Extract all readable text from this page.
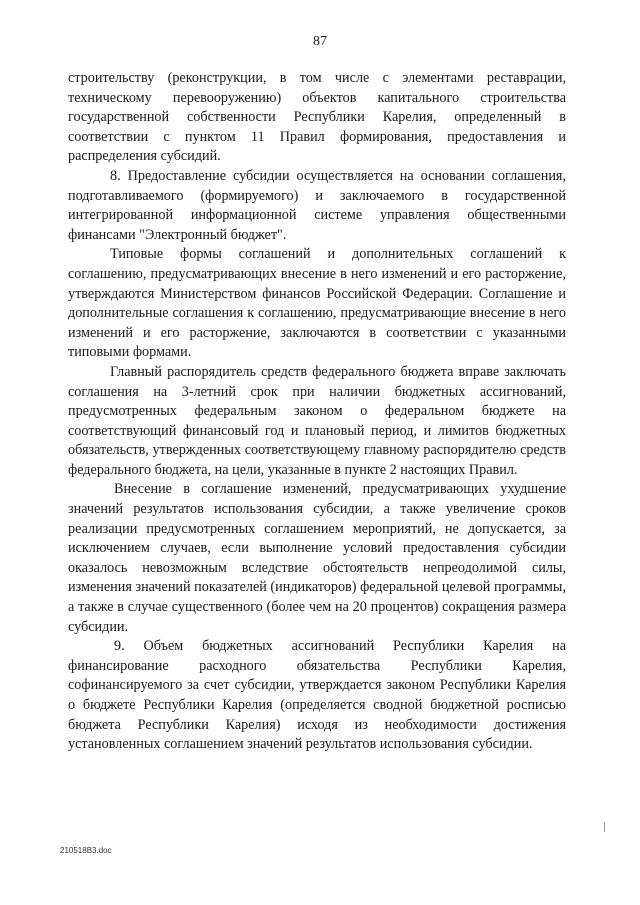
87

строительству (реконструкции, в том числе с элементами реставрации, техническому перевооружению) объектов капитального строительства государственной собственности Республики Карелия, определенный в соответствии с пунктом 11 Правил формирования, предоставления и распределения субсидий.

8. Предоставление субсидии осуществляется на основании соглашения, подготавливаемого (формируемого) и заключаемого в государственной интегрированной информационной системе управления общественными финансами "Электронный бюджет".

Типовые формы соглашений и дополнительных соглашений к соглашению, предусматривающих внесение в него изменений и его расторжение, утверждаются Министерством финансов Российской Федерации. Соглашение и дополнительные соглашения к соглашению, предусматривающие внесение в него изменений и его расторжение, заключаются в соответствии с указанными типовыми формами.

Главный распорядитель средств федерального бюджета вправе заключать соглашения на 3-летний срок при наличии бюджетных ассигнований, предусмотренных федеральным законом о федеральном бюджете на соответствующий финансовый год и плановый период, и лимитов бюджетных обязательств, утвержденных соответствующему главному распорядителю средств федерального бюджета, на цели, указанные в пункте 2 настоящих Правил.

Внесение в соглашение изменений, предусматривающих ухудшение значений результатов использования субсидии, а также увеличение сроков реализации предусмотренных соглашением мероприятий, не допускается, за исключением случаев, если выполнение условий предоставления субсидии оказалось невозможным вследствие обстоятельств непреодолимой силы, изменения значений показателей (индикаторов) федеральной целевой программы, а также в случае существенного (более чем на 20 процентов) сокращения размера субсидии.

9. Объем бюджетных ассигнований Республики Карелия на финансирование расходного обязательства Республики Карелия, софинансируемого за счет субсидии, утверждается законом Республики Карелия о бюджете Республики Карелия (определяется сводной бюджетной росписью бюджета Республики Карелия) исходя из необходимости достижения установленных соглашением значений результатов использования субсидии.

210518B3.doc
